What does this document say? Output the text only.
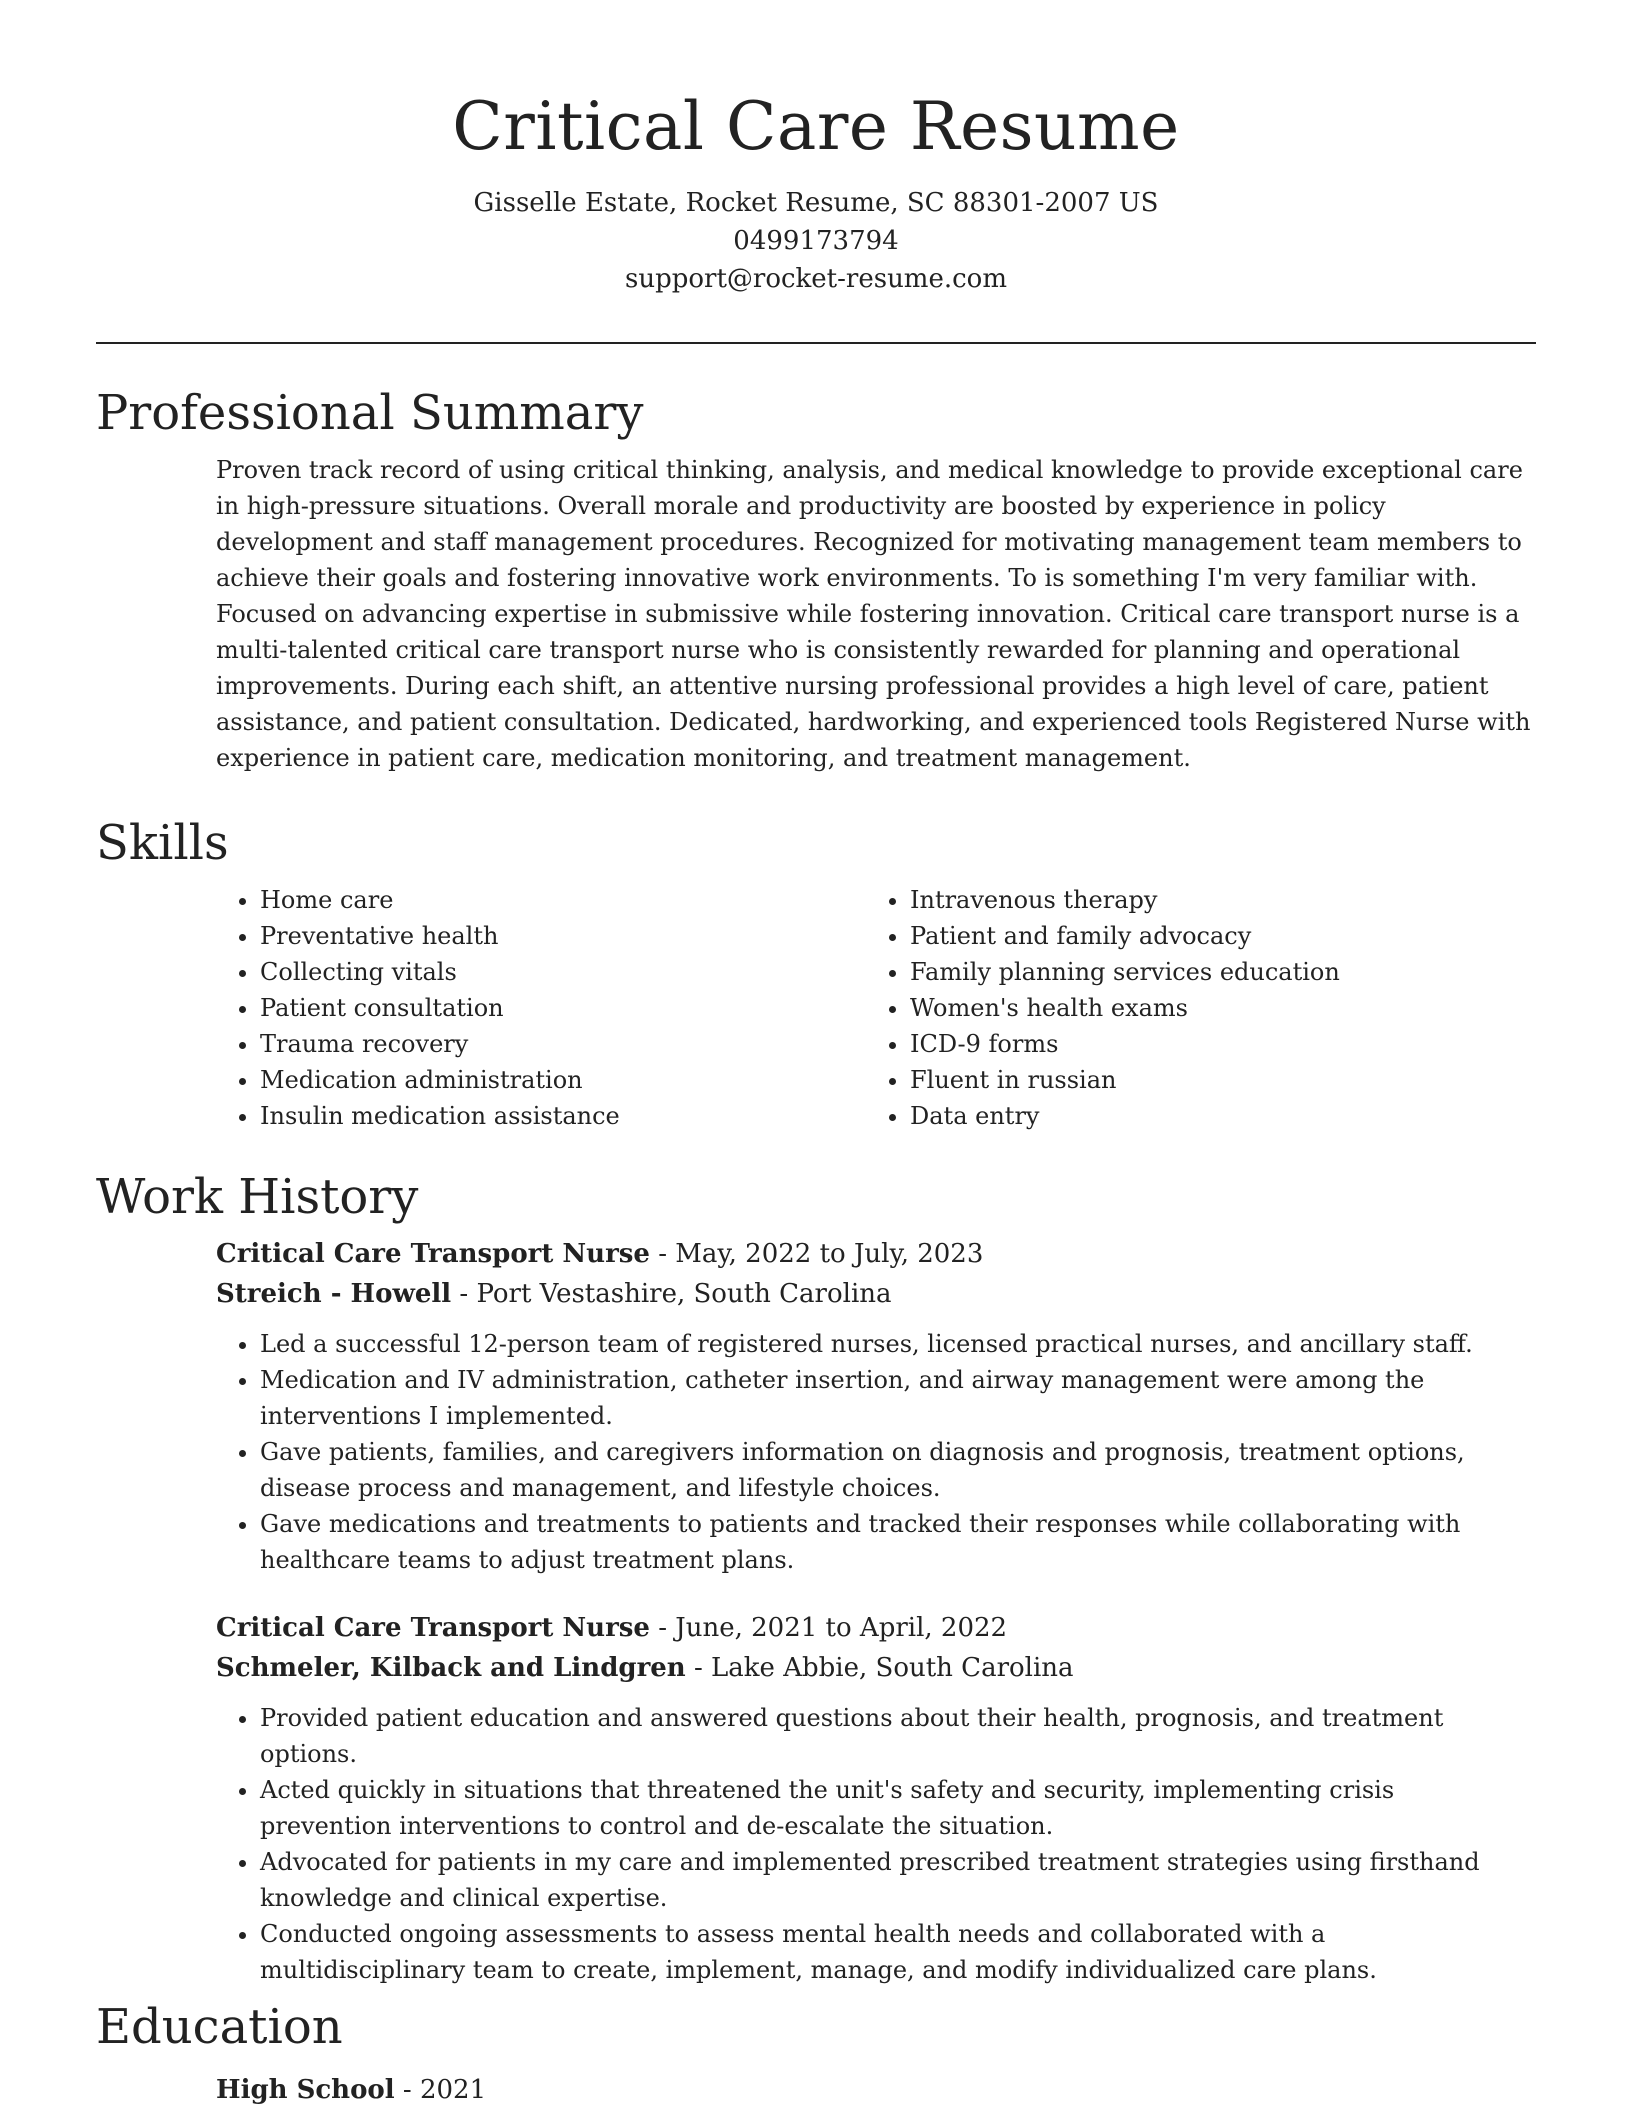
Critical Care Resume
Gisselle Estate, Rocket Resume, SC 88301-2007 US
0499173794
support@rocket-resume.com
Professional Summary

Proven track record of using critical thinking, analysis, and medical knowledge to provide exceptional care in high-pressure situations. Overall morale and productivity are boosted by experience in policy development and staff management procedures. Recognized for motivating management team members to achieve their goals and fostering innovative work environments. To is something I'm very familiar with. Focused on advancing expertise in submissive while fostering innovation. Critical care transport nurse is a multi-talented critical care transport nurse who is consistently rewarded for planning and operational improvements. During each shift, an attentive nursing professional provides a high level of care, patient assistance, and patient consultation. Dedicated, hardworking, and experienced tools Registered Nurse with experience in patient care, medication monitoring, and treatment management.

Skills
• Home care
• Preventative health
• Collecting vitals
• Patient consultation
• Trauma recovery
• Medication administration
• Insulin medication assistance
• Intravenous therapy
• Patient and family advocacy
• Family planning services education
• Women's health exams
• ICD-9 forms
• Fluent in russian
• Data entry
Work History
Critical Care Transport Nurse - May, 2022 to July, 2023
Streich - Howell - Port Vestashire, South Carolina
• Led a successful 12-person team of registered nurses, licensed practical nurses, and ancillary staff.
• Medication and IV administration, catheter insertion, and airway management were among the interventions I implemented.
• Gave patients, families, and caregivers information on diagnosis and prognosis, treatment options, disease process and management, and lifestyle choices.
• Gave medications and treatments to patients and tracked their responses while collaborating with healthcare teams to adjust treatment plans.
Critical Care Transport Nurse - June, 2021 to April, 2022
Schmeler, Kilback and Lindgren - Lake Abbie, South Carolina
• Provided patient education and answered questions about their health, prognosis, and treatment options.
• Acted quickly in situations that threatened the unit's safety and security, implementing crisis prevention interventions to control and de-escalate the situation.
• Advocated for patients in my care and implemented prescribed treatment strategies using firsthand knowledge and clinical expertise.
• Conducted ongoing assessments to assess mental health needs and collaborated with a multidisciplinary team to create, implement, manage, and modify individualized care plans.
Education
High School - 2021
